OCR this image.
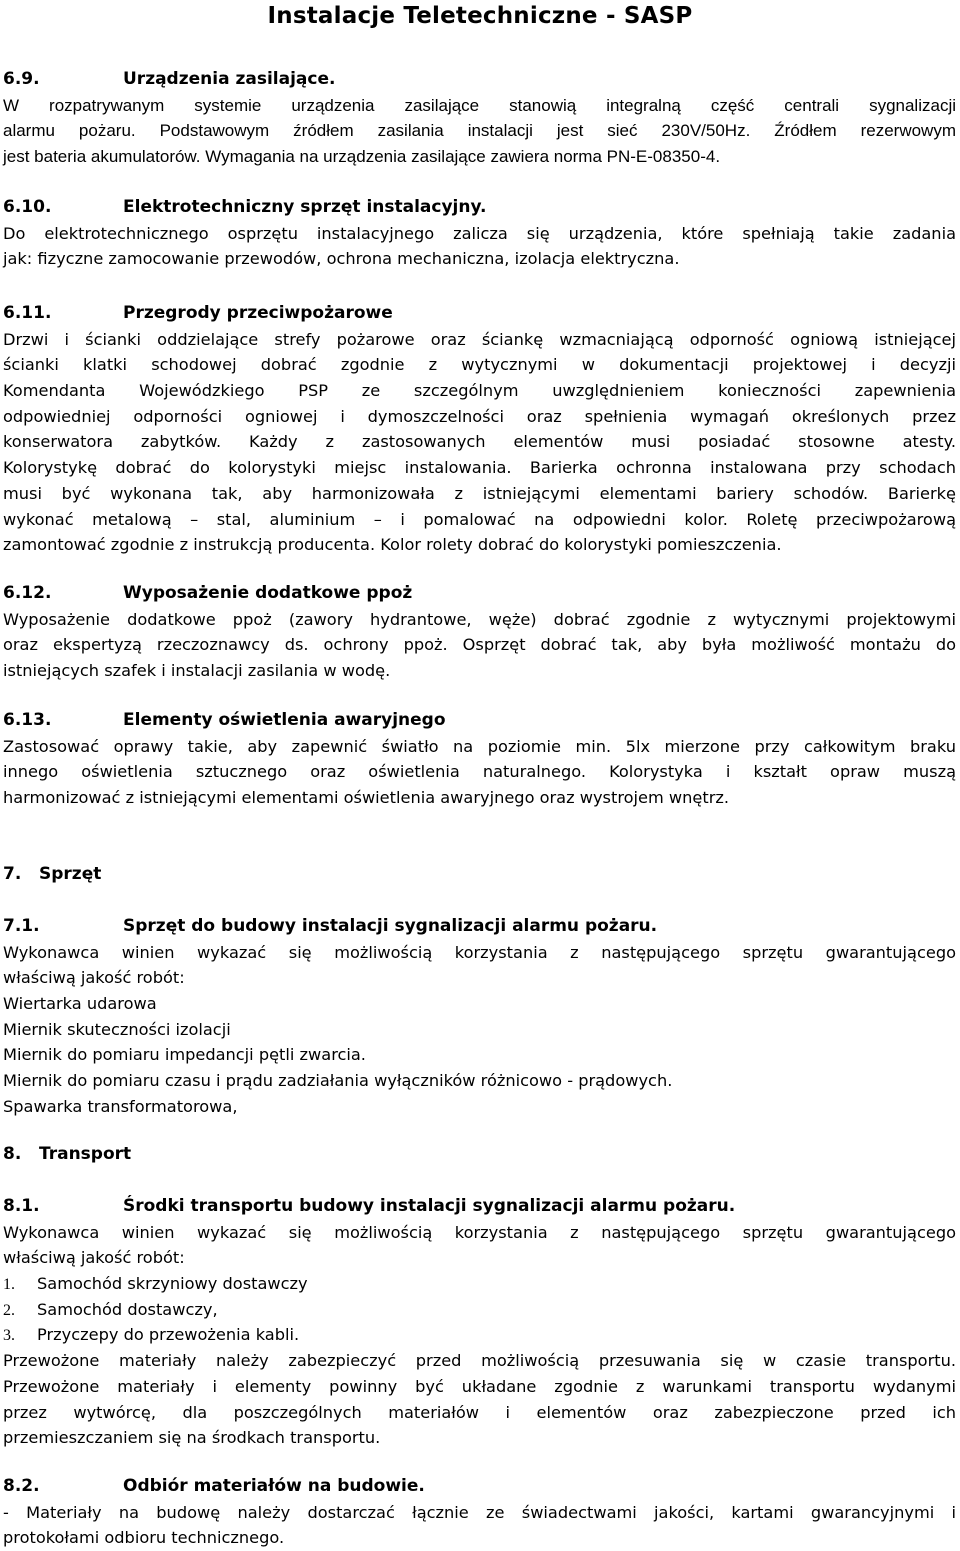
Instalacje Teletechniczne - SASP
6.9.	Urządzenia zasilające.
W rozpatrywanym systemie urządzenia zasilające stanowią integralną część centrali sygnalizacji
alarmu pożaru. Podstawowym źródłem zasilania instalacji jest sieć 230V/50Hz. Źródłem rezerwowym
jest bateria akumulatorów. Wymagania na urządzenia zasilające zawiera norma PN-E-08350-4.
6.10.	Elektrotechniczny sprzęt instalacyjny.
Do elektrotechnicznego osprzętu instalacyjnego zalicza się urządzenia, które spełniają takie zadania
jak: fizyczne zamocowanie przewodów, ochrona mechaniczna, izolacja elektryczna.
6.11.	Przegrody przeciwpożarowe
Drzwi i ścianki oddzielające strefy pożarowe oraz ściankę wzmacniającą odporność ogniową istniejącej
ścianki klatki schodowej dobrać zgodnie z wytycznymi w dokumentacji projektowej i decyzji
Komendanta Wojewódzkiego PSP ze szczególnym uwzględnieniem konieczności zapewnienia
odpowiedniej odporności ogniowej i dymoszczelności oraz spełnienia wymagań określonych przez
konserwatora zabytków. Każdy z zastosowanych elementów musi posiadać stosowne atesty.
Kolorystykę dobrać do kolorystyki miejsc instalowania. Barierka ochronna instalowana przy schodach
musi być wykonana tak, aby harmonizowała z istniejącymi elementami bariery schodów. Barierkę
wykonać metalową – stal, aluminium – i pomalować na odpowiedni kolor. Roletę przeciwpożarową
zamontować zgodnie z instrukcją producenta. Kolor rolety dobrać do kolorystyki pomieszczenia.
6.12.	Wyposażenie dodatkowe ppoż
Wyposażenie dodatkowe ppoż (zawory hydrantowe, węże) dobrać zgodnie z wytycznymi projektowymi
oraz ekspertyzą rzeczoznawcy ds. ochrony ppoż. Osprzęt dobrać tak, aby była możliwość montażu do
istniejących szafek i instalacji zasilania w wodę.
6.13.	Elementy oświetlenia awaryjnego
Zastosować oprawy takie, aby zapewnić światło na poziomie min. 5lx mierzone przy całkowitym braku
innego oświetlenia sztucznego oraz oświetlenia naturalnego. Kolorystyka i kształt opraw muszą
harmonizować z istniejącymi elementami oświetlenia awaryjnego oraz wystrojem wnętrz.
7. Sprzęt
7.1.	Sprzęt do budowy instalacji sygnalizacji alarmu pożaru.
Wykonawca winien wykazać się możliwością korzystania z następującego sprzętu gwarantującego
właściwą jakość robót:
Wiertarka udarowa
Miernik skuteczności izolacji
Miernik do pomiaru impedancji pętli zwarcia.
Miernik do pomiaru czasu i prądu zadziałania wyłączników różnicowo - prądowych.
Spawarka transformatorowa,
8. Transport
8.1.	Środki transportu budowy instalacji sygnalizacji alarmu pożaru.
Wykonawca winien wykazać się możliwością korzystania z następującego sprzętu gwarantującego
właściwą jakość robót:
1. Samochód skrzyniowy dostawczy
2. Samochód dostawczy,
3. Przyczepy do przewożenia kabli.
Przewożone materiały należy zabezpieczyć przed możliwością przesuwania się w czasie transportu.
Przewożone materiały i elementy powinny być układane zgodnie z warunkami transportu wydanymi
przez wytwórcę, dla poszczególnych materiałów i elementów oraz zabezpieczone przed ich
przemieszczaniem się na środkach transportu.
8.2.	Odbiór materiałów na budowie.
- Materiały na budowę należy dostarczać łącznie ze świadectwami jakości, kartami gwarancyjnymi i
protokołami odbioru technicznego.
